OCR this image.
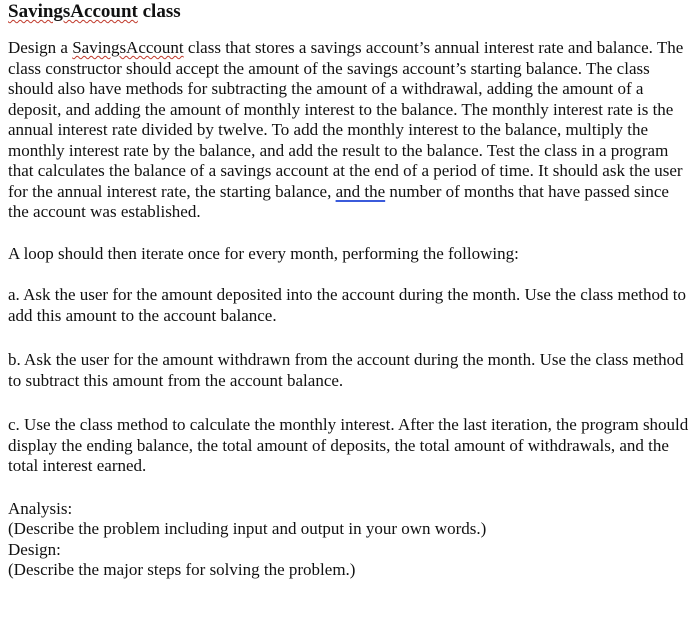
SavingsAccount class

Design a SavingsAccount class that stores a savings account’s annual interest rate and balance. The class constructor should accept the amount of the savings account’s starting balance. The class should also have methods for subtracting the amount of a withdrawal, adding the amount of a deposit, and adding the amount of monthly interest to the balance. The monthly interest rate is the annual interest rate divided by twelve. To add the monthly interest to the balance, multiply the monthly interest rate by the balance, and add the result to the balance. Test the class in a program that calculates the balance of a savings account at the end of a period of time. It should ask the user for the annual interest rate, the starting balance, and the number of months that have passed since the account was established.

A loop should then iterate once for every month, performing the following:

a. Ask the user for the amount deposited into the account during the month. Use the class method to add this amount to the account balance.

b. Ask the user for the amount withdrawn from the account during the month. Use the class method to subtract this amount from the account balance.

c. Use the class method to calculate the monthly interest. After the last iteration, the program should display the ending balance, the total amount of deposits, the total amount of withdrawals, and the total interest earned.

Analysis:

(Describe the problem including input and output in your own words.)

Design:

(Describe the major steps for solving the problem.)
